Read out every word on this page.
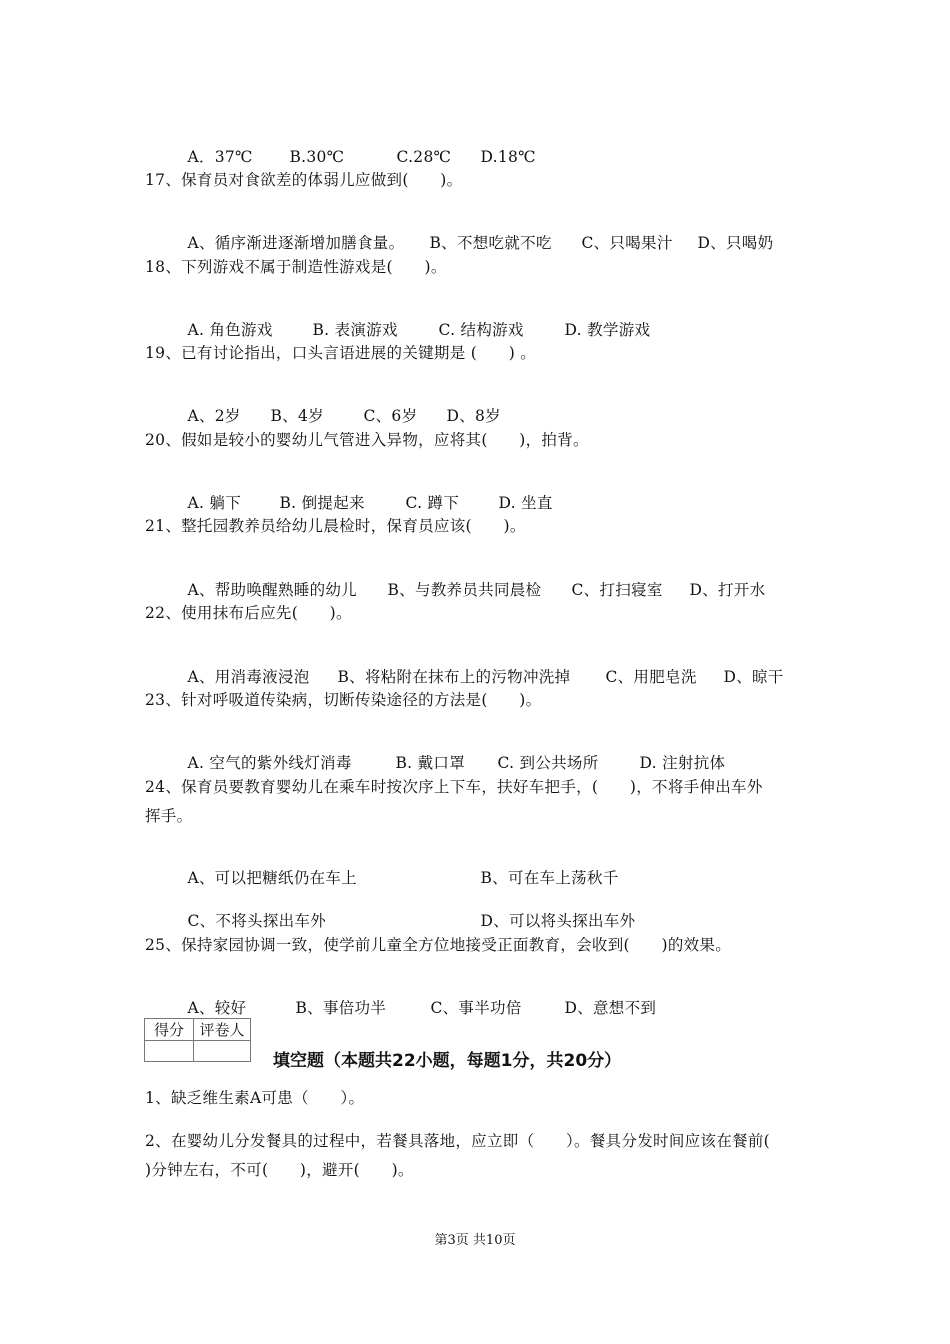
A．37℃ B.30℃	C.28℃ D.18℃

17、保育员对食欲差的体弱儿应做到(　　)。

A、循序渐进逐渐增加膳食量。 B、不想吃就不吃 C、只喝果汁 D、只喝奶

18、下列游戏不属于制造性游戏是(　　)。

A. 角色游戏	B. 表演游戏	C. 结构游戏	D. 教学游戏

19、已有讨论指出，口头言语进展的关键期是 (　　) 。

A、2岁 B、4岁	C、6岁 D、8岁

20、假如是较小的婴幼儿气管进入异物，应将其(　　)，拍背。

A. 躺下 B. 倒提起来	C. 蹲下	D. 坐直

21、整托园教养员给幼儿晨检时，保育员应该(　　)。

A、帮助唤醒熟睡的幼儿 B、与教养员共同晨检 C、打扫寝室 D、打开水

22、使用抹布后应先(　　)。

A、用消毒液浸泡 B、将粘附在抹布上的污物冲洗掉 C、用肥皂洗 D、晾干

23、针对呼吸道传染病，切断传染途径的方法是(　　)。

A. 空气的紫外线灯消毒	B. 戴口罩 C. 到公共场所	D. 注射抗体

24、保育员要教育婴幼儿在乘车时按次序上下车，扶好车把手，(　　)，不将手伸出车外
挥手。

A、可以把糖纸仍在车上	B、可在车上荡秋千

C、不将头探出车外	D、可以将头探出车外

25、保持家园协调一致，使学前儿童全方位地接受正面教育，会收到(　　)的效果。

A、较好	B、事倍功半	C、事半功倍	D、意想不到

得分	评卷人

填空题（本题共22小题，每题1分，共20分）
1、缺乏维生素A可患（　　）。
2、在婴幼儿分发餐具的过程中，若餐具落地，应立即（　　）。餐具分发时间应该在餐前(
)分钟左右，不可(　　)，避开(　　)。
第3页 共10页
